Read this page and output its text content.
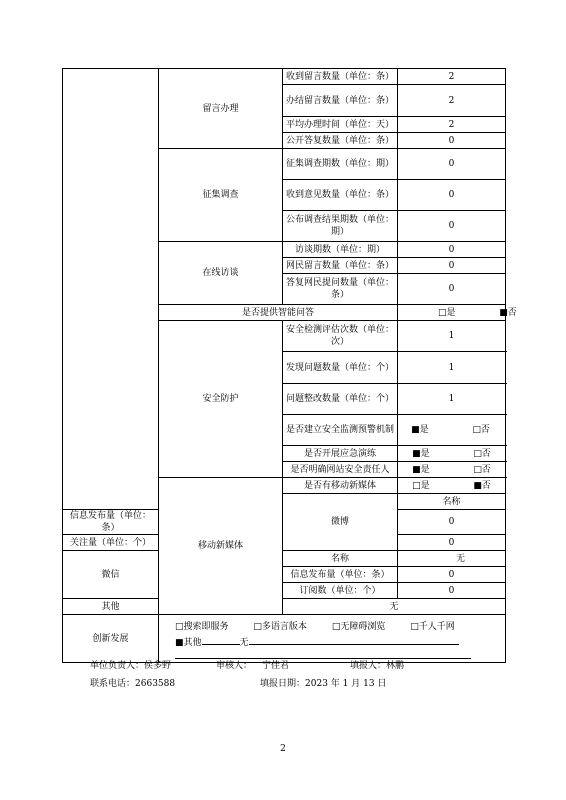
	留言办理	收到留言数量（单位：条）	2	
		办结留言数量（单位：条）	2	
		平均办理时间（单位：天）	2	
		公开答复数量（单位：条）	0	
	征集调查	征集调查期数（单位：期）	0	
		收到意见数量（单位：条）	0	
		公布调查结果期数（单位：期）	0	
	在线访谈	访谈期数（单位：期）	0	
		网民留言数量（单位：条）	0	
		答复网民提问数量（单位：条）	0	
	是否提供智能问答		□是 ■否	
	安全防护	安全检测评估次数（单位：次）	1	
		发现问题数量（单位：个）	1	
		问题整改数量（单位：个）	1	
		是否建立安全监测预警机制	■是 □否	
		是否开展应急演练	■是 □否	
		是否明确网站安全责任人	■是 □否	
	移动新媒体	是否有移动新媒体	□是 ■否	
		微博	名称	
信息发布量（单位：条）			0	
关注量（单位：个）			0	
微信		名称	无	
		信息发布量（单位：条）	0	
		订阅数（单位：个）	0	
其他		无		
创新发展	□搜索即服务 □多语言版本 □无障碍浏览 □千人千网
■其他 无			
单位负责人：侯多野	审核人： 宁佳君	填报人：林鹏
联系电话：2663588	填报日期：2023 年 1 月 13 日
2
